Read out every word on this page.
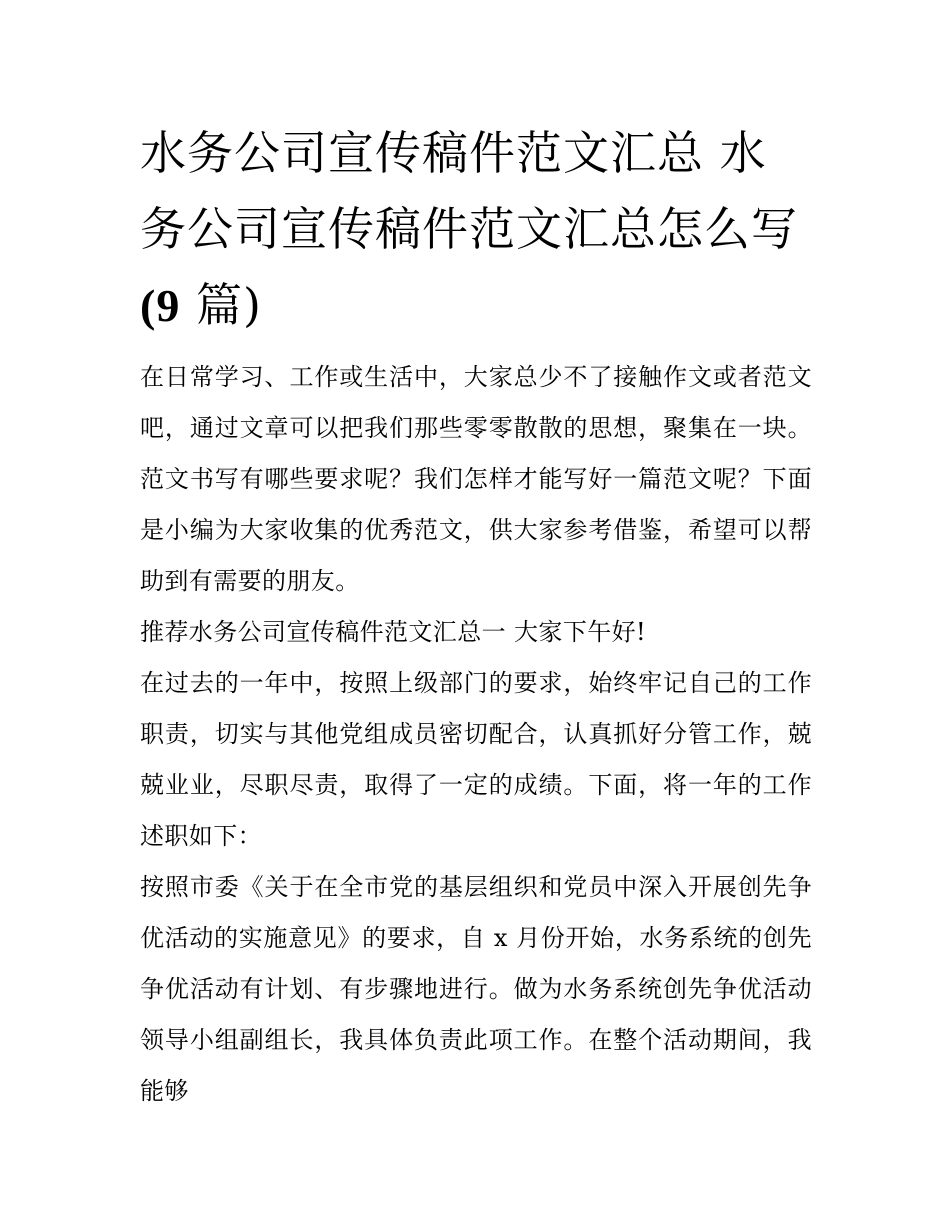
水务公司宣传稿件范文汇总 水务公司宣传稿件范文汇总怎么写(9 篇)

在日常学习、工作或生活中，大家总少不了接触作文或者范文吧，通过文章可以把我们那些零零散散的思想，聚集在一块。范文书写有哪些要求呢？我们怎样才能写好一篇范文呢？下面是小编为大家收集的优秀范文，供大家参考借鉴，希望可以帮助到有需要的朋友。

推荐水务公司宣传稿件范文汇总一 大家下午好!

在过去的一年中，按照上级部门的要求，始终牢记自己的工作职责，切实与其他党组成员密切配合，认真抓好分管工作，兢兢业业，尽职尽责，取得了一定的成绩。下面，将一年的工作述职如下：

按照市委《关于在全市党的基层组织和党员中深入开展创先争优活动的实施意见》的要求，自 x 月份开始，水务系统的创先争优活动有计划、有步骤地进行。做为水务系统创先争优活动领导小组副组长，我具体负责此项工作。在整个活动期间，我能够
